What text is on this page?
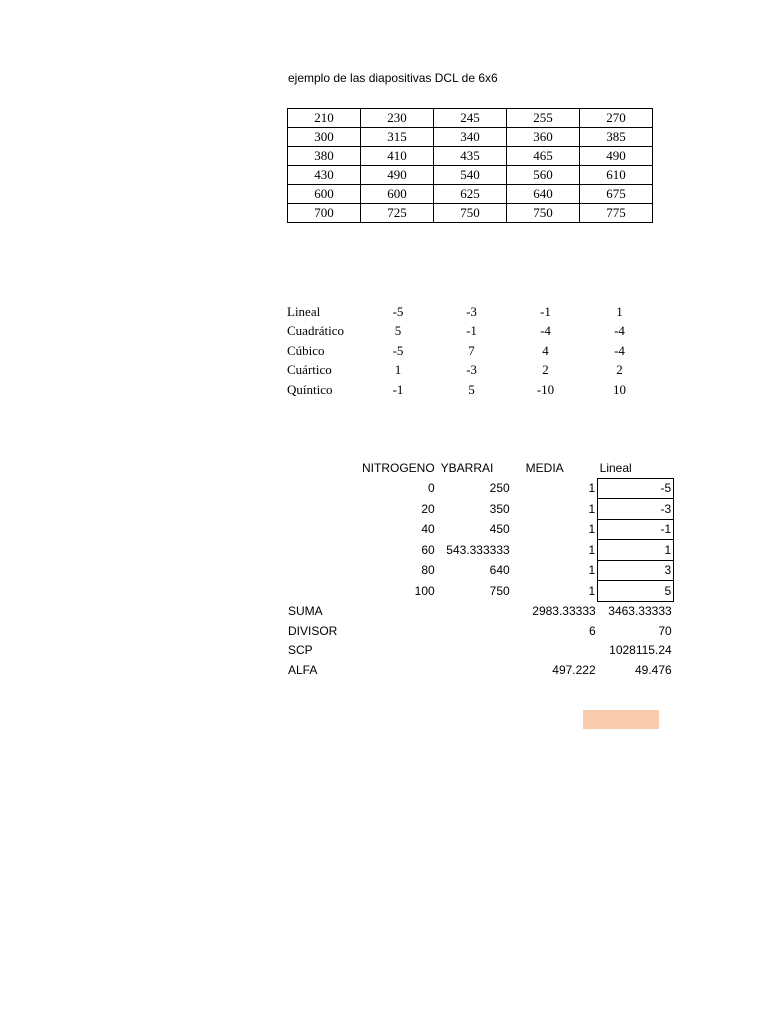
ejemplo de las diapositivas DCL de 6x6
210	230	245	255	270
300	315	340	360	385
380	410	435	465	490
430	490	540	560	610
600	600	625	640	675
700	725	750	750	775
Lineal	-5	-3	-1	1
Cuadrático	5	-1	-4	-4
Cúbico	-5	7	4	-4
Cuártico	1	-3	2	2
Quíntico	-1	5	-10	10
	NITROGENO	YBARRAI	MEDIA	Lineal
	0	250	1	-5
	20	350	1	-3
	40	450	1	-1
	60	543.333333	1	1
	80	640	1	3
	100	750	1	5
SUMA			2983.33333	3463.33333
DIVISOR			6	70
SCP				1028115.24
ALFA			497.222	49.476
